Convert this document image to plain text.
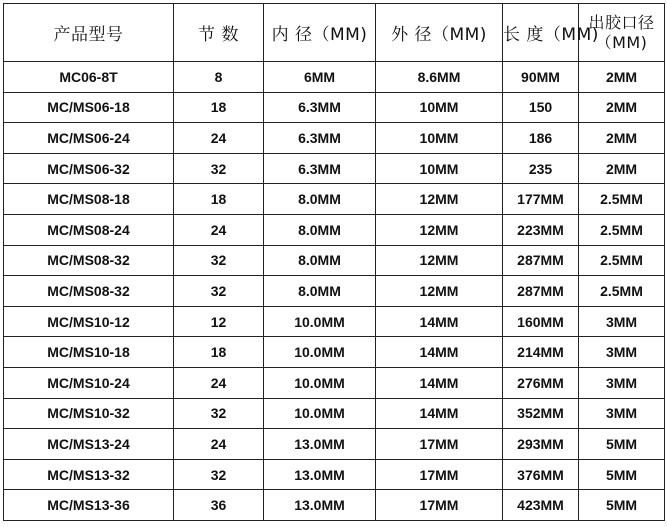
产品型号	节 数	内 径（MM)	外 径（MM)	长 度（MM)	出胶口径（MM)
MC06-8T	8	6MM	8.6MM	90MM	2MM
MC/MS06-18	18	6.3MM	10MM	150	2MM
MC/MS06-24	24	6.3MM	10MM	186	2MM
MC/MS06-32	32	6.3MM	10MM	235	2MM
MC/MS08-18	18	8.0MM	12MM	177MM	2.5MM
MC/MS08-24	24	8.0MM	12MM	223MM	2.5MM
MC/MS08-32	32	8.0MM	12MM	287MM	2.5MM
MC/MS08-32	32	8.0MM	12MM	287MM	2.5MM
MC/MS10-12	12	10.0MM	14MM	160MM	3MM
MC/MS10-18	18	10.0MM	14MM	214MM	3MM
MC/MS10-24	24	10.0MM	14MM	276MM	3MM
MC/MS10-32	32	10.0MM	14MM	352MM	3MM
MC/MS13-24	24	13.0MM	17MM	293MM	5MM
MC/MS13-32	32	13.0MM	17MM	376MM	5MM
MC/MS13-36	36	13.0MM	17MM	423MM	5MM
